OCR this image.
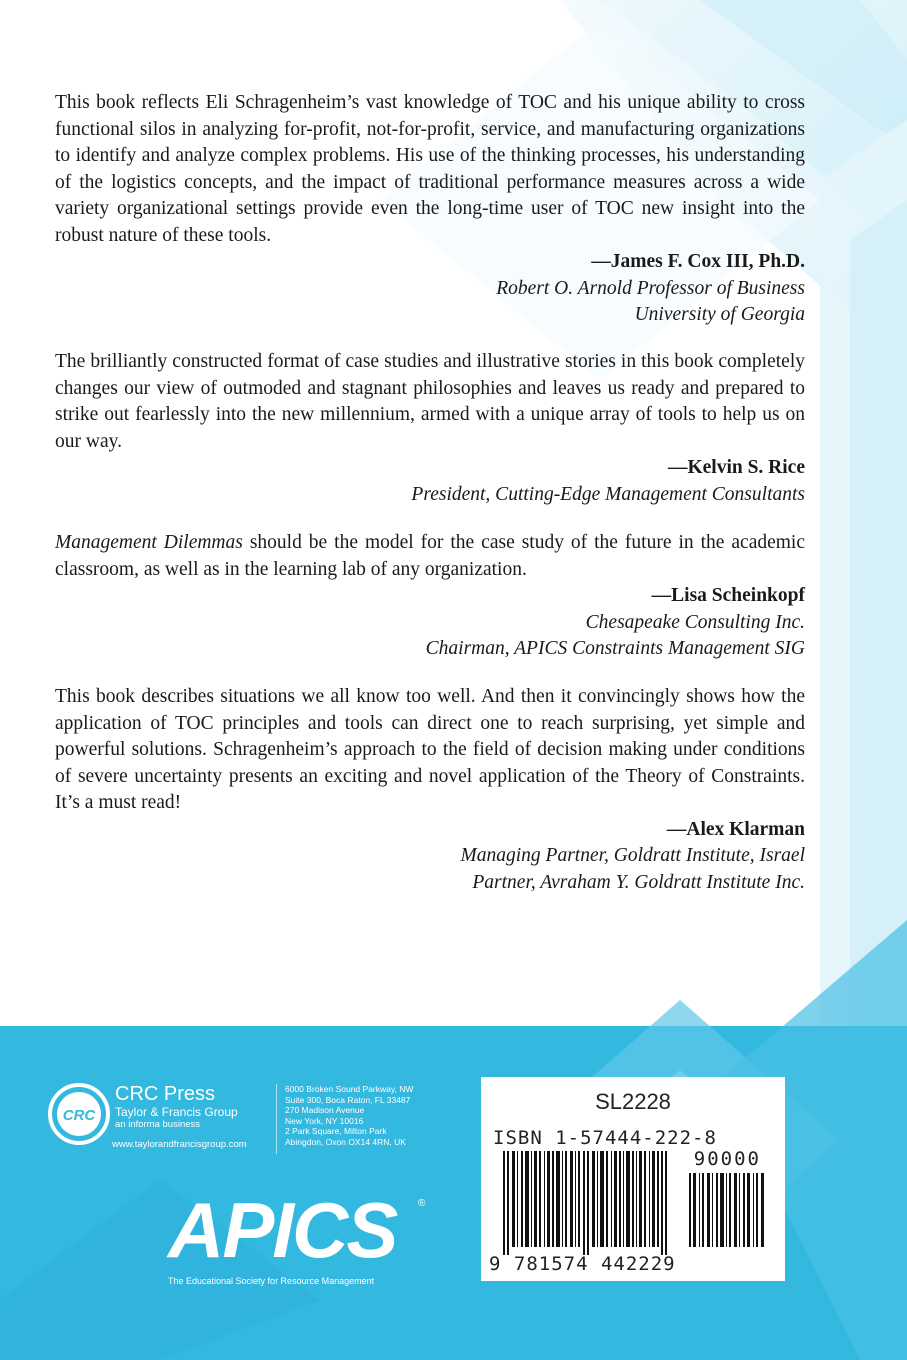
This book reflects Eli Schragenheim’s vast knowledge of TOC and his unique ability to cross functional silos in analyzing for-profit, not-for-profit, service, and manufacturing organizations to identify and analyze complex problems. His use of the thinking processes, his understanding of the logistics concepts, and the impact of traditional performance measures across a wide variety organizational settings provide even the long-time user of TOC new insight into the robust nature of these tools.

—James F. Cox III, Ph.D.
Robert O. Arnold Professor of Business
University of Georgia

The brilliantly constructed format of case studies and illustrative stories in this book completely changes our view of outmoded and stagnant philosophies and leaves us ready and prepared to strike out fearlessly into the new millennium, armed with a unique array of tools to help us on our way.

—Kelvin S. Rice
President, Cutting-Edge Management Consultants

Management Dilemmas should be the model for the case study of the future in the academic classroom, as well as in the learning lab of any organization.

—Lisa Scheinkopf
Chesapeake Consulting Inc.
Chairman, APICS Constraints Management SIG

This book describes situations we all know too well. And then it convincingly shows how the application of TOC principles and tools can direct one to reach surprising, yet simple and powerful solutions. Schragenheim’s approach to the field of decision making under conditions of severe uncertainty presents an exciting and novel application of the Theory of Constraints. It’s a must read!

—Alex Klarman
Managing Partner, Goldratt Institute, Israel
Partner, Avraham Y. Goldratt Institute Inc.
CRC
CRC Press
Taylor & Francis Group
an informa business
www.taylorandfrancisgroup.com
6000 Broken Sound Parkway, NW
Suite 300, Boca Raton, FL 33487
270 Madison Avenue
New York, NY 10016
2 Park Square, Milton Park
Abingdon, Oxon OX14 4RN, UK
APICS ®
The Educational Society for Resource Management
SL2228
ISBN 1-57444-222-8
90000
9 781574 442229
